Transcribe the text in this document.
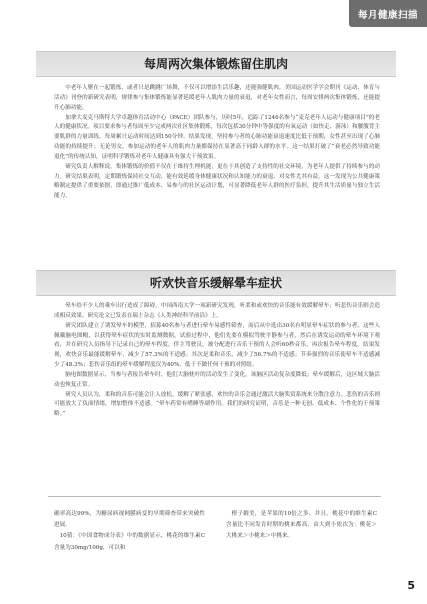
每月健康扫描
每周两次集体锻炼留住肌肉

中老年人聚在一起锻炼，或者只是跳跳广场舞，不仅可以增添生活乐趣，还能强健肌肉。美国运动医学学会期刊《运动、体育与活动》刊登的新研究表明，规律参与集体锻炼能显著延缓老年人肌肉力量的衰退，对老年女性而言，每周安排两次集体锻炼，还能提升心肺功能。

加拿大麦克马斯特大学卓越体育活动中心（PACE）团队参与，历时5年，追踪了1246名参与“麦克老年人运动与健康项目”的老人的健康状况。项目要求参与者每周至少完成两次社区集体锻炼，每次包括30分钟中等强度的有氧运动（如快走、游泳）和腰腹背主要肌群的力量训练，每周累计运动时间达到150分钟。结果发现，坚持参与者的心肺功能衰退速度比低于预期，女性甚至出现了心肺功能的持续提升；无论男女，参加运动的老年人的肌肉力量都保持在显著高于同龄人群的水平。这一结果打破了“衰老必然导致功能退化”的传统认知，证明科学锻炼对老年人健康具有强大干预效果。

研究负责人解释说，集体锻炼的价值不仅在于维持生理机能，更在于其创造了支持性的社交环境，为老年人提供了持续参与的动力。研究结果表明，定期锻炼保持社交互动，能有效延缓身体健康状况和认知能力的衰退，对女性尤其有益。这一发现为公共健康策略制定提供了重要依据，即通过推广低成本、易参与的社区运动计划，可显著降低老年人群的医疗负担，提升其生活质量与独立生活能力。

听欢快音乐缓解晕车症状

晕车给不少人的乘车出行造成了障碍。中国西南大学一项新研究发现，听柔和或欢快的音乐能有效缓解晕车；听悲伤音乐则会造成相反效果。研究论文已发表在瑞士杂志《人类神经科学前沿》上。

研究团队建立了诱发晕车的模型，招募40名参与者进行晕车易感性筛查，而后从中选出30名有明显晕车症状的参与者。这些人佩戴脑电图帽，以获得晕车症状的实时监测数据。试验过程中，他们先要在模拟驾驶平静参与者，然后在诱发运动的晕车环境下观看，并在研究人员指导下记录自己的晕车程度。伴主驾驶员，被分配进行音乐干预的人会听60秒音乐，再次报告晕车程度。结果发现，欢快音乐最能缓解晕车，减少了57.3%的不适感；其次是柔和音乐，减少了56.7%的不适感；节奏强烈的音乐使晕车不适感减少了48.3%；悲伤音乐组的晕车缓解程度仅为40%，低于不做任何干预的对照组。

脑电图数据显示，当参与者报告晕车时，他们大脑枕叶的活动发生了变化，该脑区活动复杂度降低；晕车缓解后，这区域大脑活动也恢复正常。

研究人员认为，柔和的音乐可能会让人放松，缓解了紧张感，欢快的音乐会通过激活大脑奖赏系统来分散注意力。悲伤的音乐则可能放大了负面情绪，增加整体不适感。“晕车药常有嗜睡等副作用。我们的研究证明，音乐是一种无创、低成本、个性化的干预策略。”

确率高达99%，为糖尿病视网膜病变的早期筛查带来突破性进展。

10猜：《中国食物成分表》中的数据显示，桃花的维生素C含量为30mg/100g，可以和

橙子媲美，是苹果的10倍之多。并且，桃花中的维生素C含量比不同发育时期的桃来都高，由大到小依次为：桃花＞大桃来＞小桃来＞中桃来。

5
